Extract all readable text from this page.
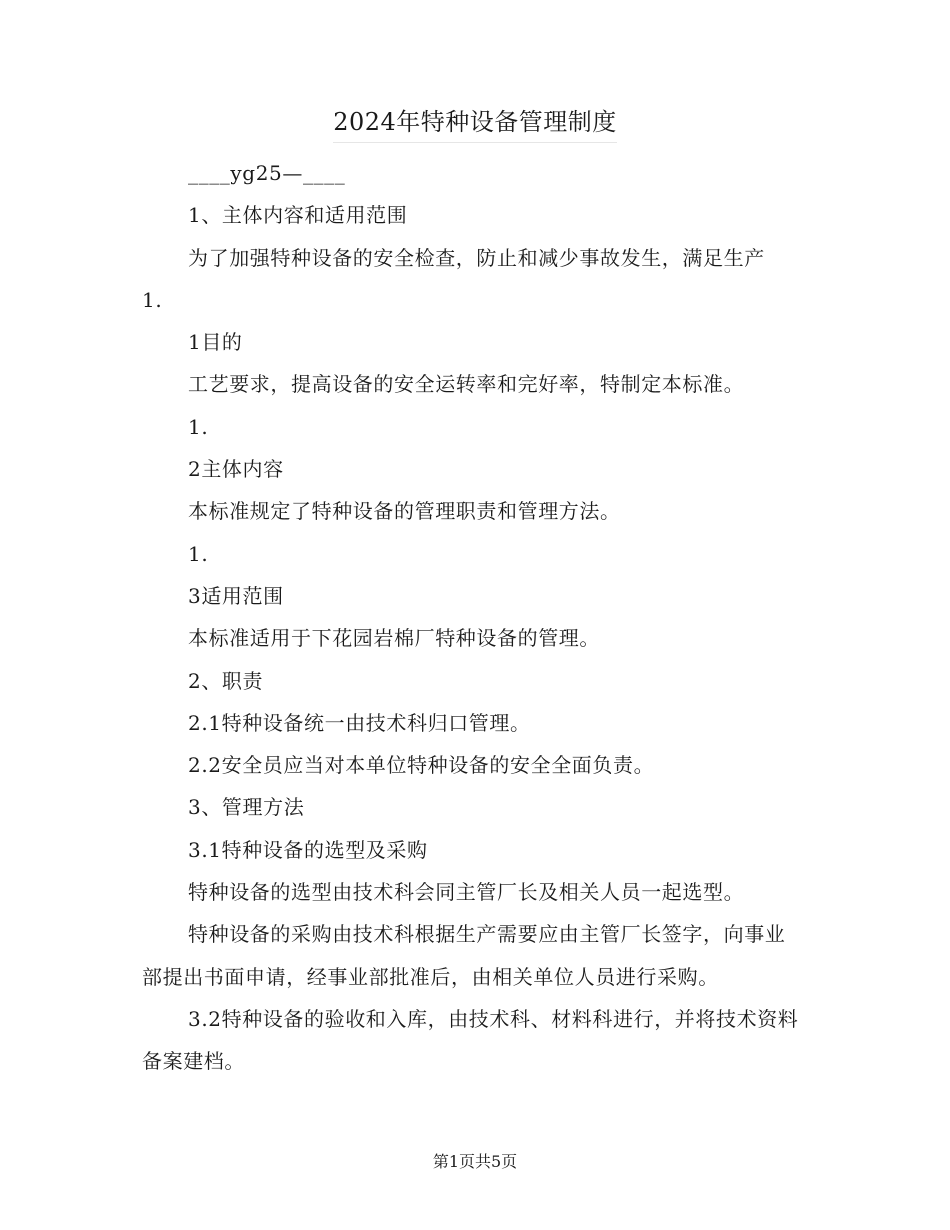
2024年特种设备管理制度

____yg25—____

1、主体内容和适用范围

为了加强特种设备的安全检查，防止和减少事故发生，满足生产

1.

1目的

工艺要求，提高设备的安全运转率和完好率，特制定本标准。

1.

2主体内容

本标准规定了特种设备的管理职责和管理方法。

1.

3适用范围

本标准适用于下花园岩棉厂特种设备的管理。

2、职责

2.1特种设备统一由技术科归口管理。

2.2安全员应当对本单位特种设备的安全全面负责。

3、管理方法

3.1特种设备的选型及采购

特种设备的选型由技术科会同主管厂长及相关人员一起选型。

特种设备的采购由技术科根据生产需要应由主管厂长签字，向事业部提出书面申请，经事业部批准后，由相关单位人员进行采购。

3.2特种设备的验收和入库，由技术科、材料科进行，并将技术资料备案建档。

第1页共5页
